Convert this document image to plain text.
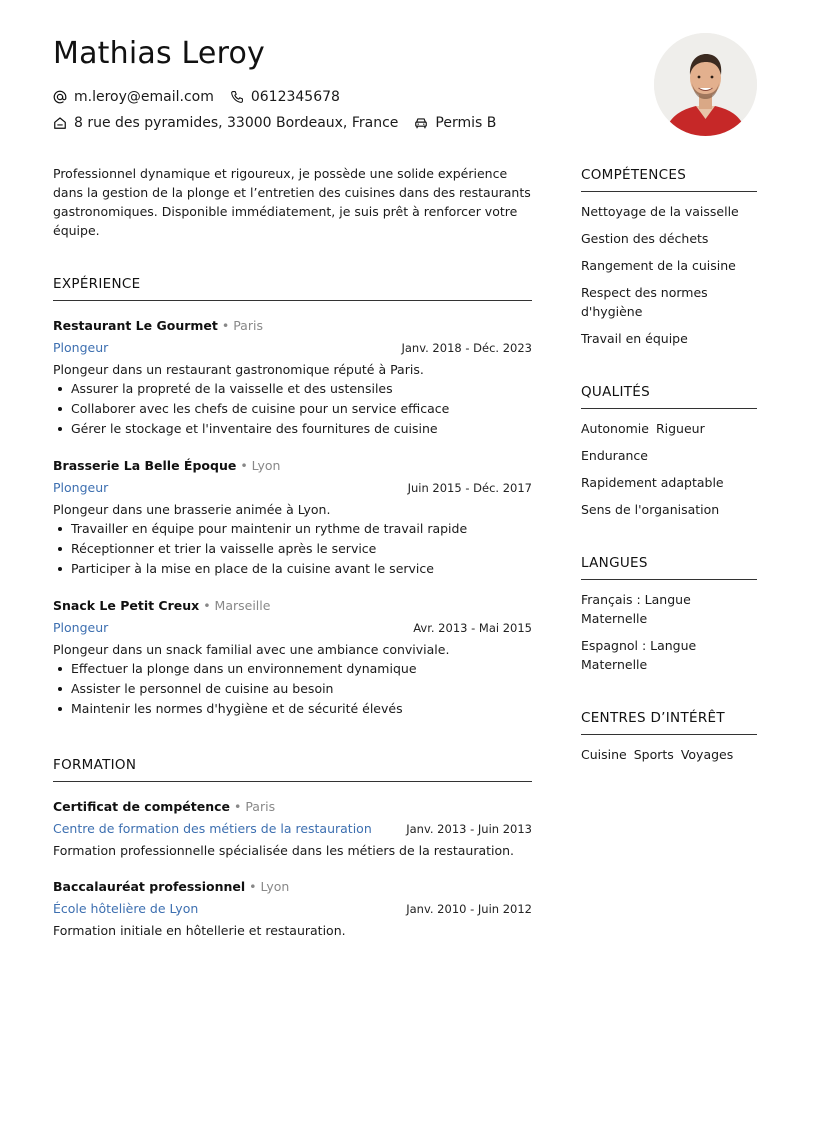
Mathias Leroy
m.leroy@email.com	0612345678
8 rue des pyramides, 33000 Bordeaux, France	Permis B

Professionnel dynamique et rigoureux, je possède une solide expérience dans la gestion de la plonge et l’entretien des cuisines dans des restaurants gastronomiques. Disponible immédiatement, je suis prêt à renforcer votre équipe.

EXPÉRIENCE
Restaurant Le Gourmet • Paris
Plongeur	Janv. 2018 - Déc. 2023
Plongeur dans un restaurant gastronomique réputé à Paris.
Assurer la propreté de la vaisselle et des ustensiles
Collaborer avec les chefs de cuisine pour un service efficace
Gérer le stockage et l'inventaire des fournitures de cuisine
Brasserie La Belle Époque • Lyon
Plongeur	Juin 2015 - Déc. 2017
Plongeur dans une brasserie animée à Lyon.
Travailler en équipe pour maintenir un rythme de travail rapide
Réceptionner et trier la vaisselle après le service
Participer à la mise en place de la cuisine avant le service
Snack Le Petit Creux • Marseille
Plongeur	Avr. 2013 - Mai 2015
Plongeur dans un snack familial avec une ambiance conviviale.
Effectuer la plonge dans un environnement dynamique
Assister le personnel de cuisine au besoin
Maintenir les normes d'hygiène et de sécurité élevés
FORMATION
Certificat de compétence • Paris
Centre de formation des métiers de la restauration	Janv. 2013 - Juin 2013
Formation professionnelle spécialisée dans les métiers de la restauration.
Baccalauréat professionnel • Lyon
École hôtelière de Lyon	Janv. 2010 - Juin 2012
Formation initiale en hôtellerie et restauration.
COMPÉTENCES
Nettoyage de la vaisselle
Gestion des déchets
Rangement de la cuisine
Respect des normes d'hygiène
Travail en équipe
QUALITÉS
Autonomie Rigueur
Endurance
Rapidement adaptable
Sens de l'organisation
LANGUES
Français : Langue Maternelle
Espagnol : Langue Maternelle
CENTRES D’INTÉRÊT
Cuisine Sports Voyages
